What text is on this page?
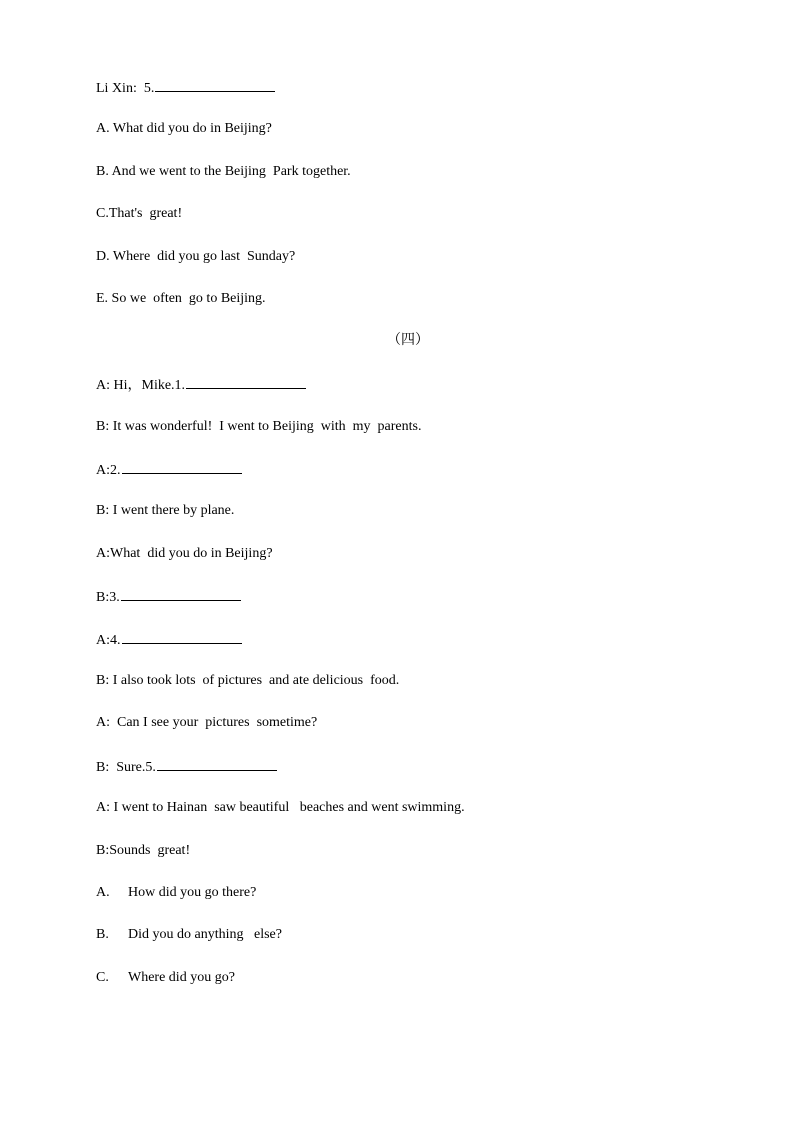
Li Xin:  5.
A. What did you do in Beijing?
B. And we went to the Beijing  Park together.
C.That's  great!
D. Where  did you go last  Sunday?
E. So we  often  go to Beijing.
（四）
A: Hi，Mike.1.
B: It was wonderful!  I went to Beijing  with  my  parents.
A:2.
B: I went there by plane.
A:What  did you do in Beijing?
B:3.
A:4.
B: I also took lots  of pictures  and ate delicious  food.
A:  Can I see your  pictures  sometime?
B:  Sure.5.
A: I went to Hainan  saw beautiful   beaches and went swimming.
B:Sounds  great!
A. How did you go there?
B. Did you do anything   else?
C. Where did you go?
